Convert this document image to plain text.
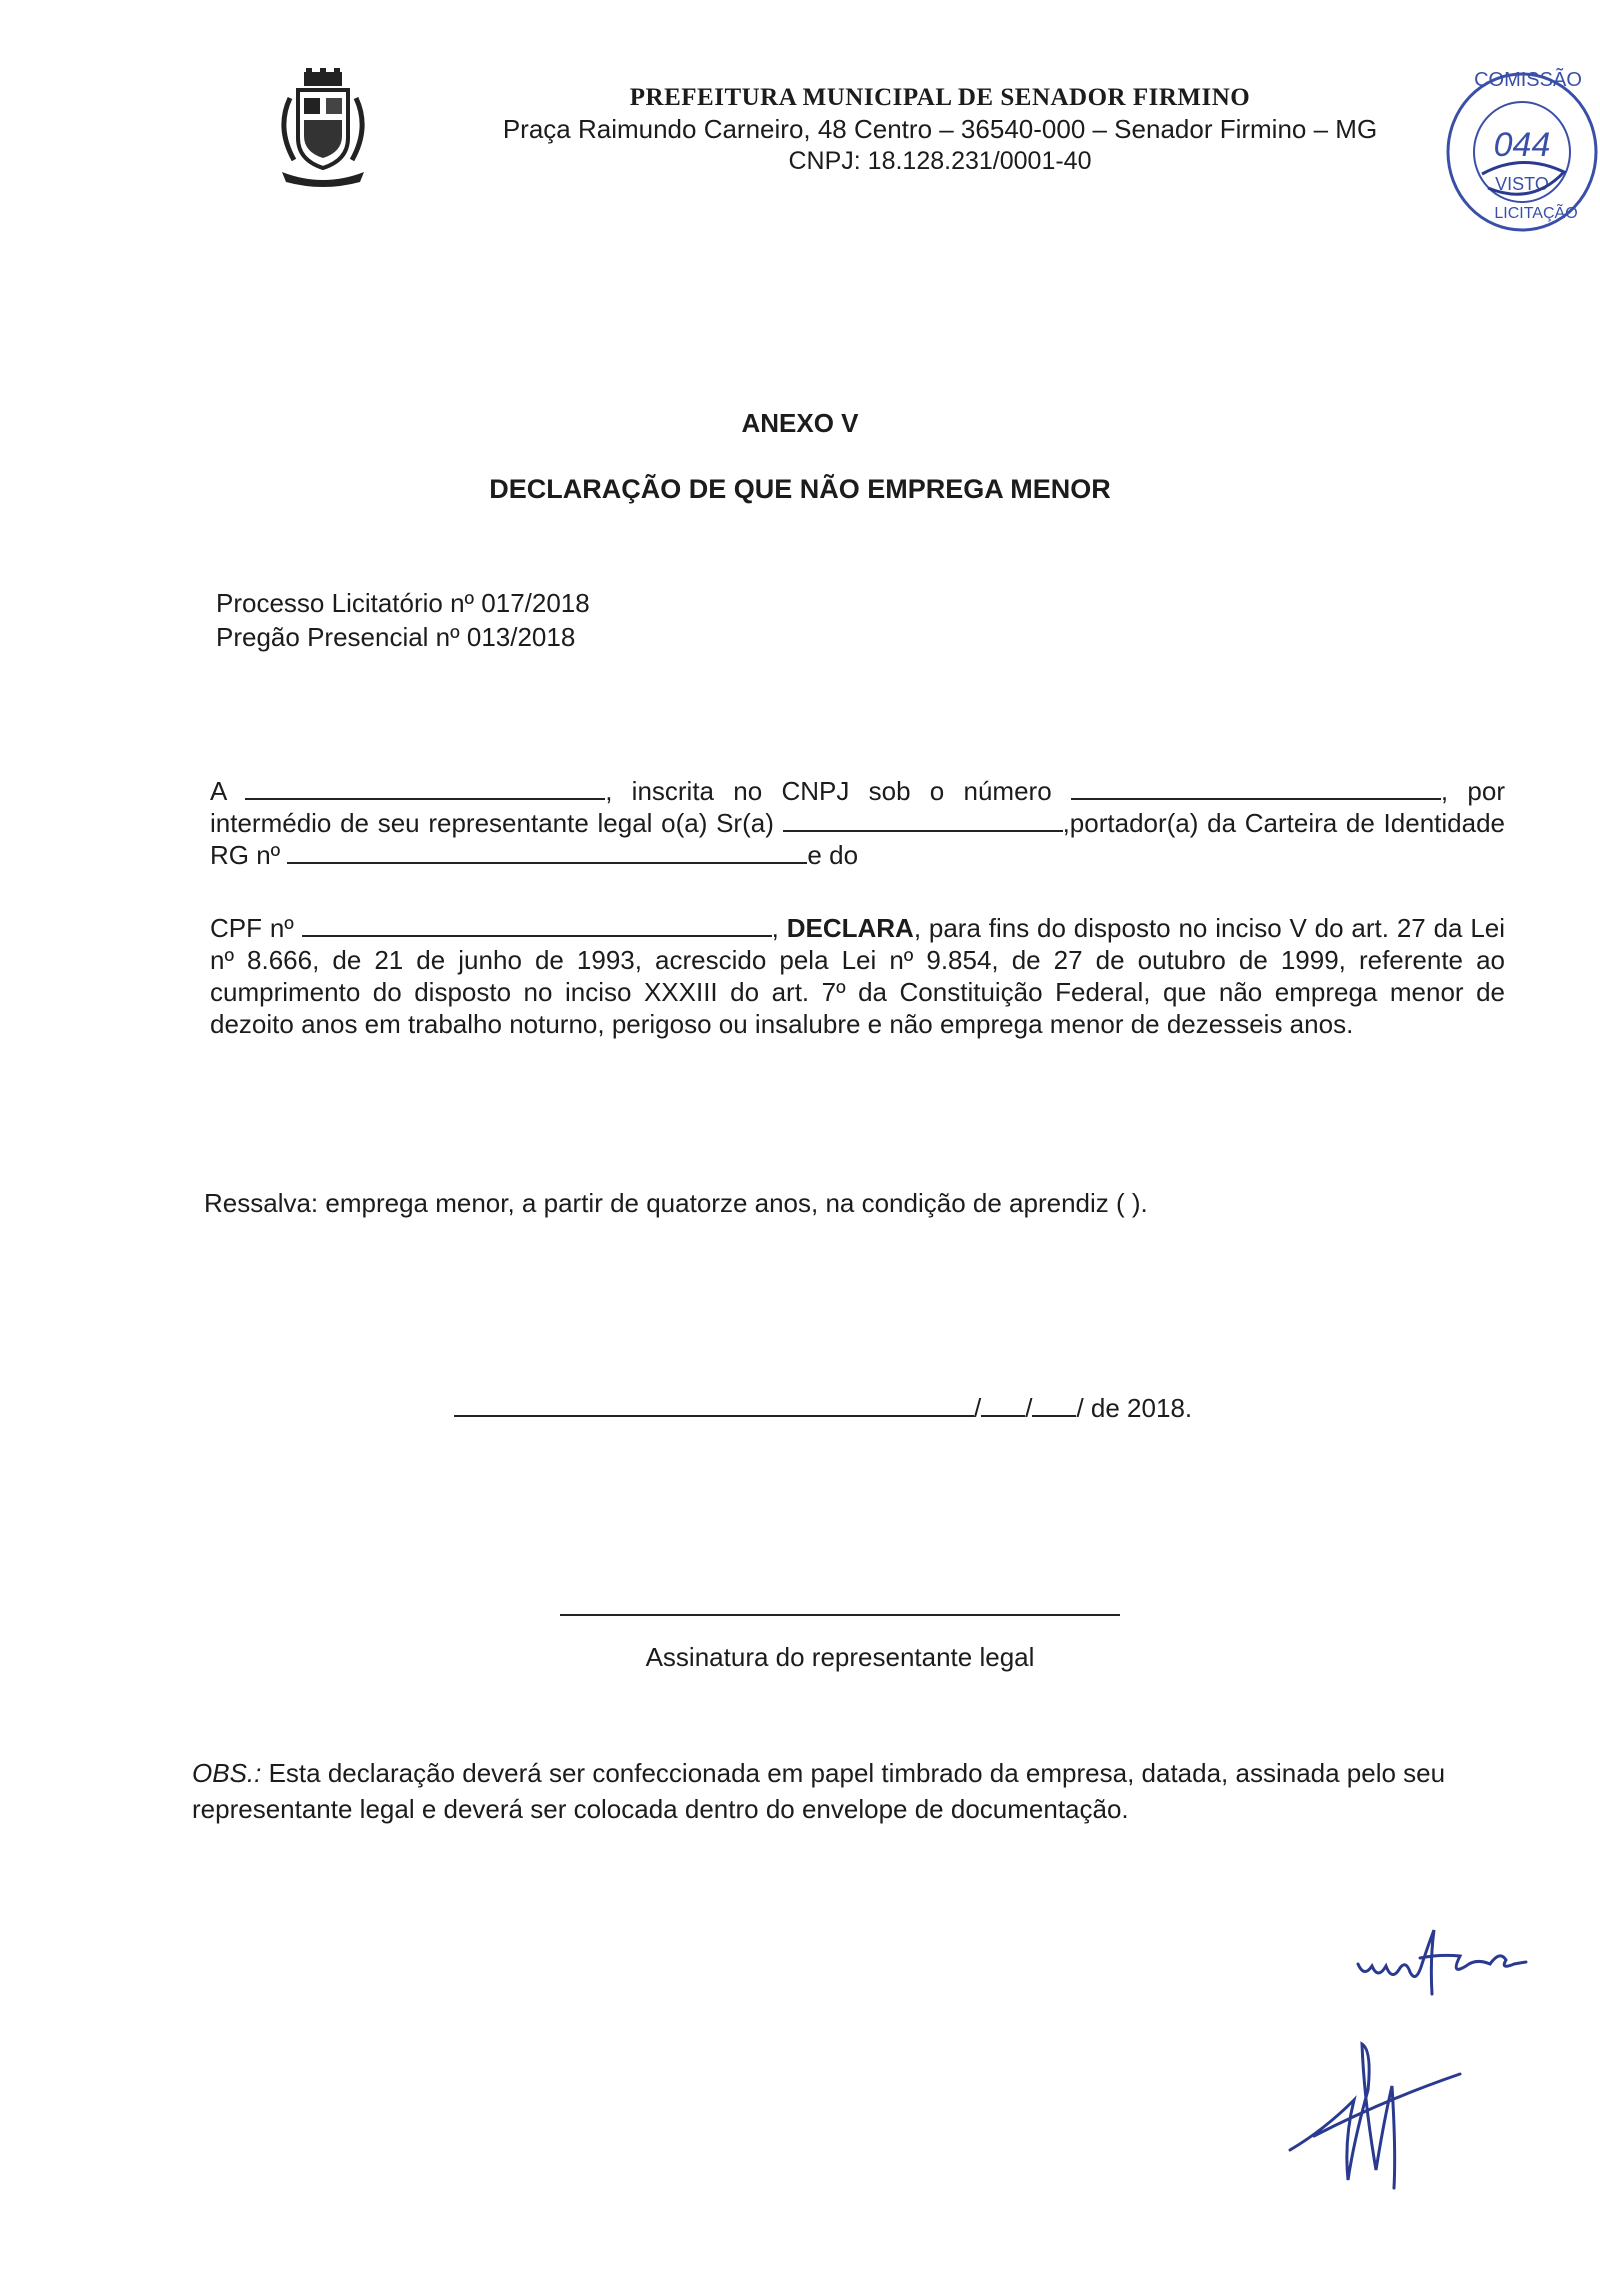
PREFEITURA MUNICIPAL DE SENADOR FIRMINO
Praça Raimundo Carneiro, 48 Centro – 36540-000 – Senador Firmino – MG
CNPJ: 18.128.231/0001-40
COMISSÃO
044
VISTO
LICITAÇÃO
ANEXO V
DECLARAÇÃO DE QUE NÃO EMPREGA MENOR
Processo Licitatório nº 017/2018
Pregão Presencial nº 013/2018
A	, inscrita no CNPJ sob o número	, por intermédio de seu representante legal o(a) Sr(a)	,portador(a) da Carteira de Identidade RG nº	e do
CPF nº	, DECLARA, para fins do disposto no inciso V do art. 27 da Lei nº 8.666, de 21 de junho de 1993, acrescido pela Lei nº 9.854, de 27 de outubro de 1999, referente ao cumprimento do disposto no inciso XXXIII do art. 7º da Constituição Federal, que não emprega menor de dezoito anos em trabalho noturno, perigoso ou insalubre e não emprega menor de dezesseis anos.
Ressalva: emprega menor, a partir de quatorze anos, na condição de aprendiz ( ).
/ / / de 2018.
Assinatura do representante legal
OBS.: Esta declaração deverá ser confeccionada em papel timbrado da empresa, datada, assinada pelo seu representante legal e deverá ser colocada dentro do envelope de documentação.
